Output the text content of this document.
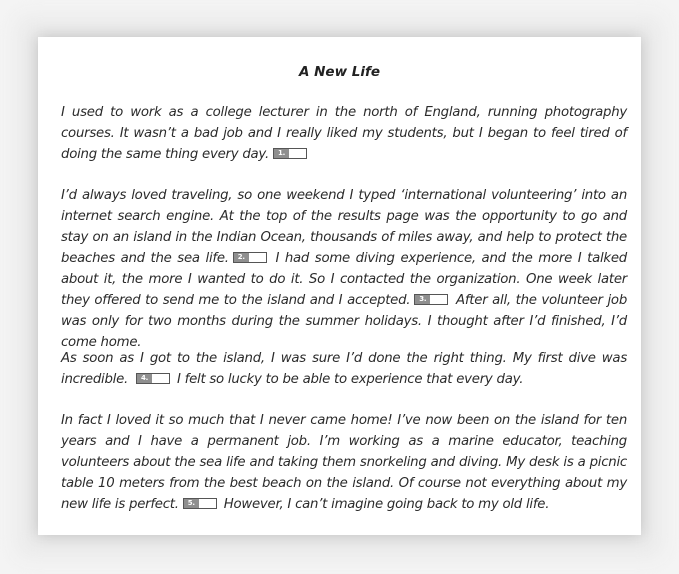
A New Life
I used to work as a college lecturer in the north of England, running photography courses. It wasn’t a bad job and I really liked my students, but I began to feel tired of doing the same thing every day.	1.
I’d always loved traveling, so one weekend I typed ‘international volunteering’ into an internet search engine. At the top of the results page was the opportunity to go and stay on an island in the Indian Ocean, thousands of miles away, and help to protect the beaches and the sea life.	2. I had some diving experience, and the more I talked about it, the more I wanted to do it. So I contacted the organization. One week later they offered to send me to the island and I accepted.	3. After all, the volunteer job was only for two months during the summer holidays. I thought after I’d finished, I’d come home.
As soon as I got to the island, I was sure I’d done the right thing. My first dive was incredible.	4. I felt so lucky to be able to experience that every day.
In fact I loved it so much that I never came home! I’ve now been on the island for ten years and I have a permanent job. I’m working as a marine educator, teaching volunteers about the sea life and taking them snorkeling and diving. My desk is a picnic table 10 meters from the best beach on the island. Of course not everything about my new life is perfect.	5. However, I can’t imagine going back to my old life.
